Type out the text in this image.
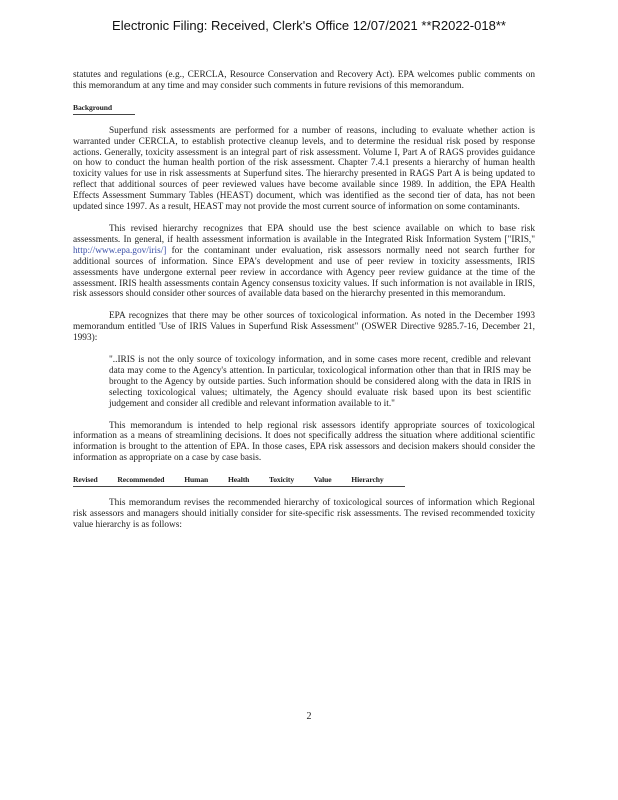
Electronic Filing: Received, Clerk's Office 12/07/2021 **R2022-018**

statutes and regulations (e.g., CERCLA, Resource Conservation and Recovery Act). EPA welcomes public comments on this memorandum at any time and may consider such comments in future revisions of this memorandum.

Background

Superfund risk assessments are performed for a number of reasons, including to evaluate whether action is warranted under CERCLA, to establish protective cleanup levels, and to determine the residual risk posed by response actions. Generally, toxicity assessment is an integral part of risk assessment. Volume I, Part A of RAGS provides guidance on how to conduct the human health portion of the risk assessment. Chapter 7.4.1 presents a hierarchy of human health toxicity values for use in risk assessments at Superfund sites. The hierarchy presented in RAGS Part A is being updated to reflect that additional sources of peer reviewed values have become available since 1989. In addition, the EPA Health Effects Assessment Summary Tables (HEAST) document, which was identified as the second tier of data, has not been updated since 1997. As a result, HEAST may not provide the most current source of information on some contaminants.

This revised hierarchy recognizes that EPA should use the best science available on which to base risk assessments. In general, if health assessment information is available in the Integrated Risk Information System ["IRIS," http://www.epa.gov/iris/] for the contaminant under evaluation, risk assessors normally need not search further for additional sources of information. Since EPA's development and use of peer review in toxicity assessments, IRIS assessments have undergone external peer review in accordance with Agency peer review guidance at the time of the assessment. IRIS health assessments contain Agency consensus toxicity values. If such information is not available in IRIS, risk assessors should consider other sources of available data based on the hierarchy presented in this memorandum.

EPA recognizes that there may be other sources of toxicological information. As noted in the December 1993 memorandum entitled 'Use of IRIS Values in Superfund Risk Assessment" (OSWER Directive 9285.7-16, December 21, 1993):

"..IRIS is not the only source of toxicology information, and in some cases more recent, credible and relevant data may come to the Agency's attention. In particular, toxicological information other than that in IRIS may be brought to the Agency by outside parties. Such information should be considered along with the data in IRIS in selecting toxicological values; ultimately, the Agency should evaluate risk based upon its best scientific judgement and consider all credible and relevant information available to it."

This memorandum is intended to help regional risk assessors identify appropriate sources of toxicological information as a means of streamlining decisions. It does not specifically address the situation where additional scientific information is brought to the attention of EPA. In those cases, EPA risk assessors and decision makers should consider the information as appropriate on a case by case basis.

Revised Recommended Human Health Toxicity Value Hierarchy

This memorandum revises the recommended hierarchy of toxicological sources of information which Regional risk assessors and managers should initially consider for site-specific risk assessments. The revised recommended toxicity value hierarchy is as follows:

2
